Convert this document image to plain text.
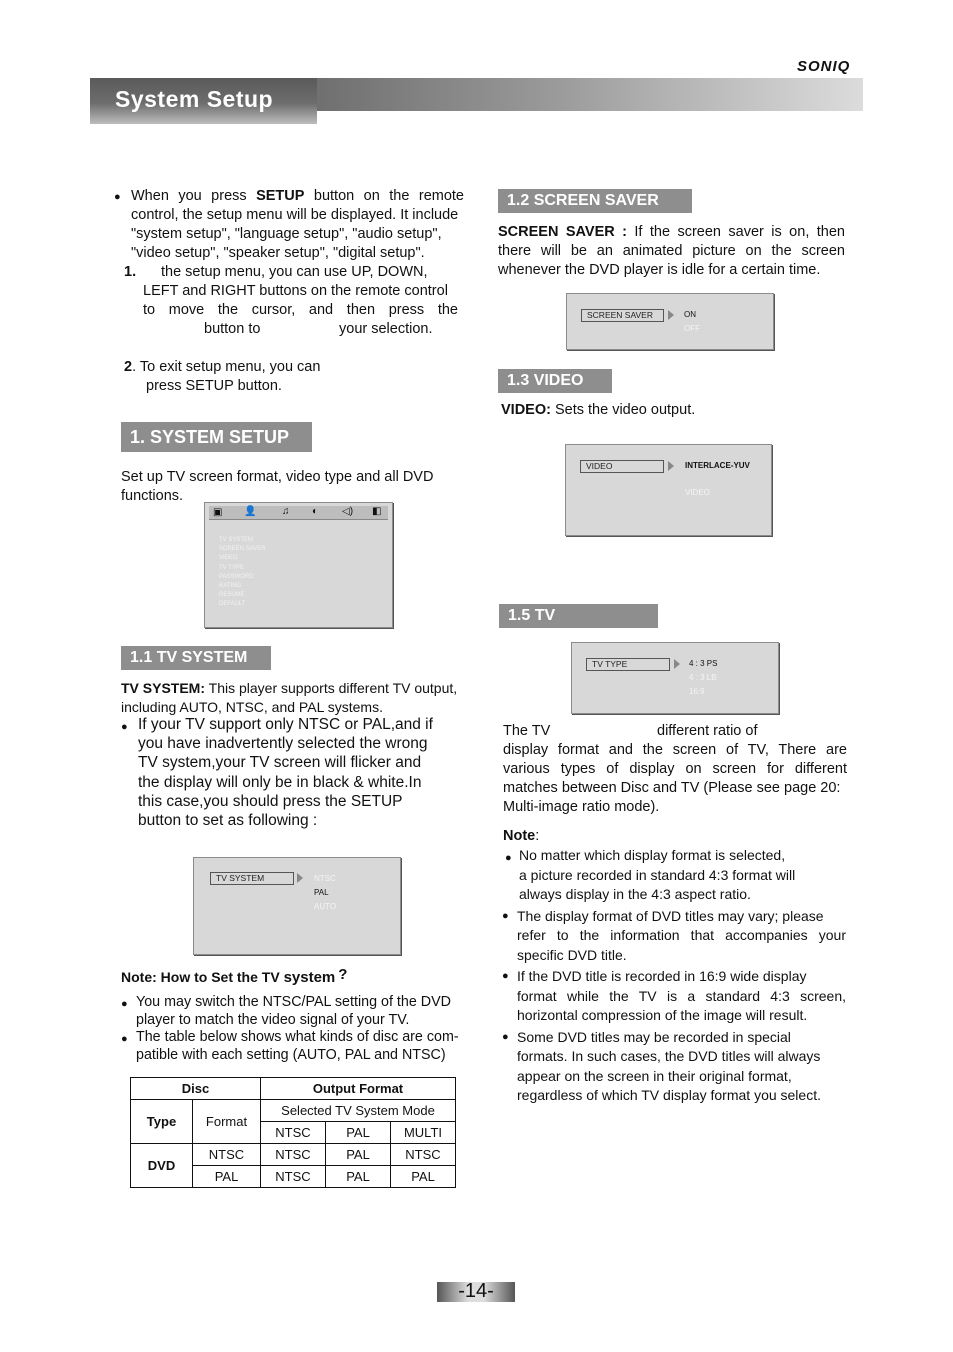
SONIQ
System Setup
● When you press SETUP button on the remote
control, the setup menu will be displayed. It include
"system setup", "language setup", "audio setup",
"video setup", "speaker setup", "digital setup".
1.	the setup menu, you can use UP, DOWN,
LEFT and RIGHT buttons on the remote control
to move the cursor, and then press the
button to	your selection.
2. To exit setup menu, you can
press SETUP button.
1. SYSTEM SETUP
Set up TV screen format, video type and all DVD
functions.
▣ 👤	♫ ◐ ◁) ◧
TV SYSTEM
SCREEN SAVER
VIDEO
TV TYPE
PASSWORD
RATING
RESUME
DEFAULT
1.1 TV SYSTEM
TV SYSTEM: This player supports different TV output,
including AUTO, NTSC, and PAL systems.
● If your TV support only NTSC or PAL,and if
you have inadvertently selected the wrong
TV system,your TV screen will flicker and
the display will only be in black & white.In
this case,you should press the SETUP
button to set as following :
TV SYSTEM	NTSC
PAL
AUTO
Note: How to Set the TV system ?
● You may switch the NTSC/PAL setting of the DVD
player to match the video signal of your TV.
● The table below shows what kinds of disc are com-
patible with each setting (AUTO, PAL and NTSC)
Disc		Output Format		
Type	Format	Selected TV System Mode		
		NTSC	PAL	MULTI
DVD	NTSC	NTSC	PAL	NTSC
	PAL	NTSC	PAL	PAL
1.2 SCREEN SAVER
SCREEN SAVER : If the screen saver is on, then
there will be an animated picture on the screen
whenever the DVD player is idle for a certain time.
SCREEN SAVER	ON
OFF
1.3 VIDEO
VIDEO: Sets the video output.
VIDEO	INTERLACE-YUV
VIDEO
1.5 TV
TV TYPE	4 : 3 PS
4 : 3 LB
16:9
The TV	different ratio of
display format and the screen of TV, There are
various types of display on screen for different
matches between Disc and TV (Please see page 20:
Multi-image ratio mode).
Note:
● No matter which display format is selected,
a picture recorded in standard 4:3 format will
always display in the 4:3 aspect ratio.
● The display format of DVD titles may vary; please
refer to the information that accompanies your
specific DVD title.
● If the DVD title is recorded in 16:9 wide display
format while the TV is a standard 4:3 screen,
horizontal compression of the image will result.
● Some DVD titles may be recorded in special
formats. In such cases, the DVD titles will always
appear on the screen in their original format,
regardless of which TV display format you select.
-14-
